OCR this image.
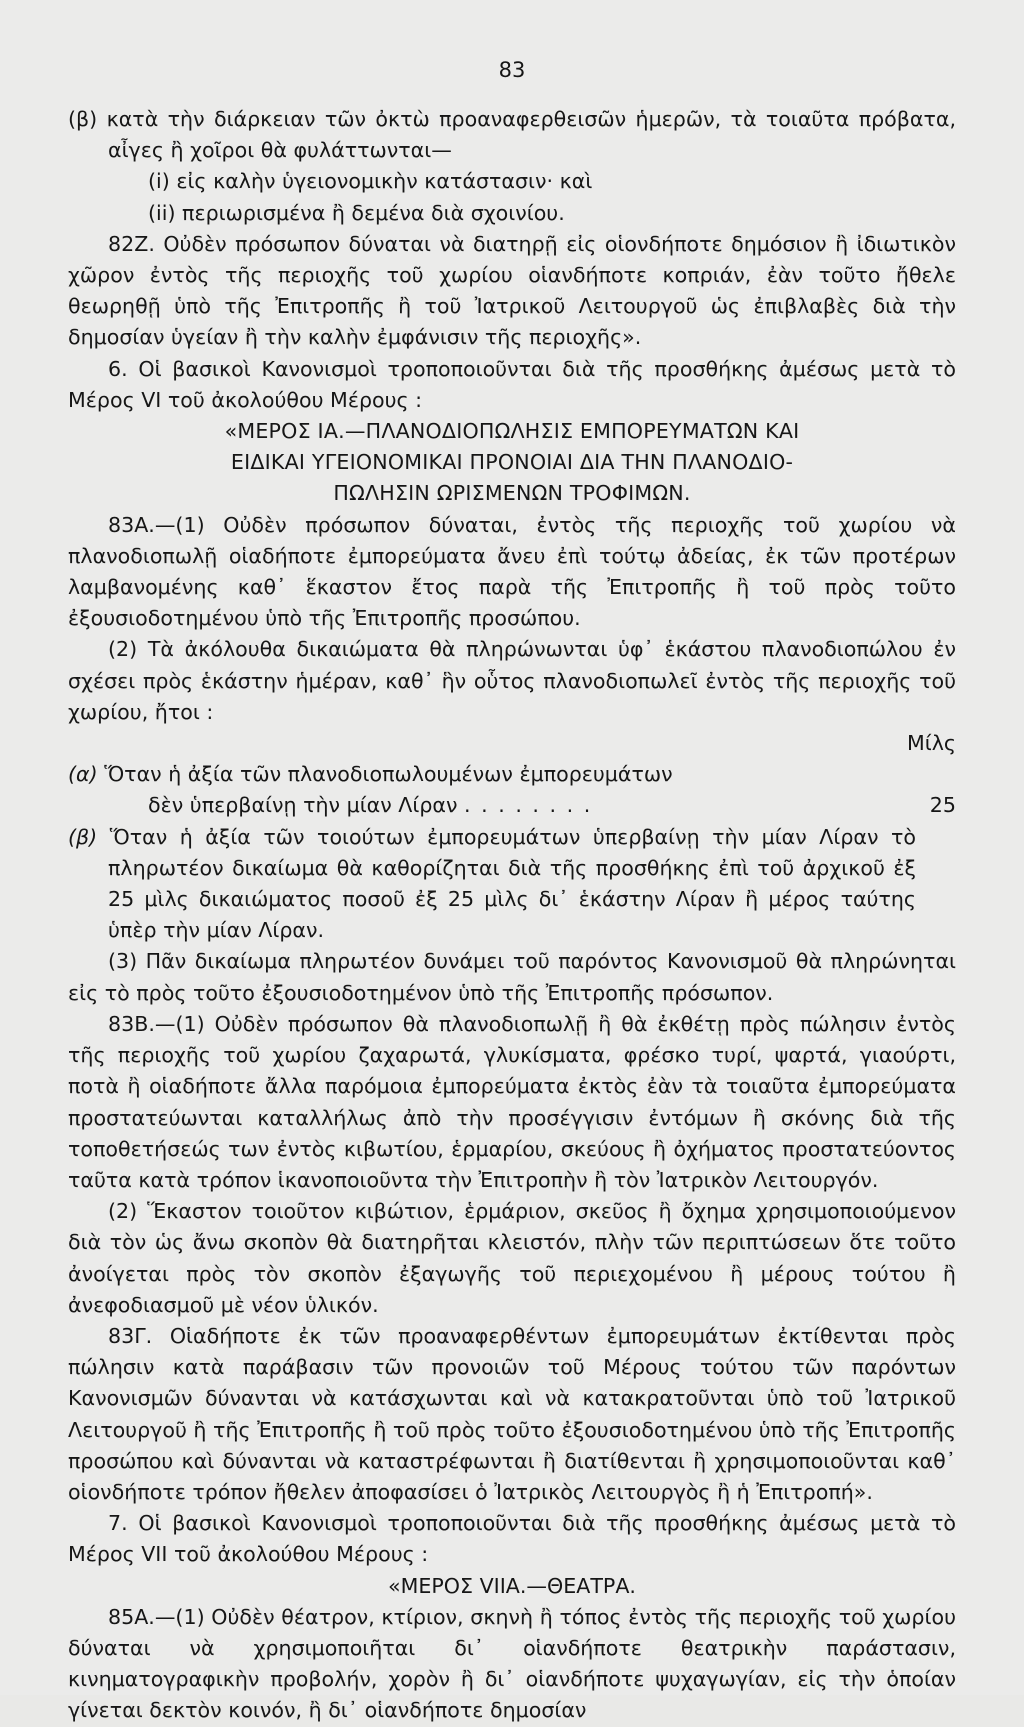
83

(β) κατὰ τὴν διάρκειαν τῶν ὀκτὼ προαναφερθεισῶν ἡμερῶν, τὰ τοιαῦτα πρόβατα, αἶγες ἢ χοῖροι θὰ φυλάττωνται—

(i) εἰς καλὴν ὑγειονομικὴν κατάστασιν· καὶ

(ii) περιωρισμένα ἢ δεμένα διὰ σχοινίου.

82Ζ. Οὐδὲν πρόσωπον δύναται νὰ διατηρῇ εἰς οἱονδήποτε δημόσιον ἢ ἰδιωτικὸν χῶρον ἐντὸς τῆς περιοχῆς τοῦ χωρίου οἱανδήποτε κοπριάν, ἐὰν τοῦτο ἤθελε θεωρηθῇ ὑπὸ τῆς Ἐπιτροπῆς ἢ τοῦ Ἰατρικοῦ Λειτουργοῦ ὡς ἐπιβλαβὲς διὰ τὴν δημοσίαν ὑγείαν ἢ τὴν καλὴν ἐμφάνισιν τῆς περιοχῆς».

6. Οἱ βασικοὶ Κανονισμοὶ τροποποιοῦνται διὰ τῆς προσθήκης ἀμέσως μετὰ τὸ Μέρος VI τοῦ ἀκολούθου Μέρους :

«ΜΕΡΟΣ ΙΑ.—ΠΛΑΝΟΔΙΟΠΩΛΗΣΙΣ ΕΜΠΟΡΕΥΜΑΤΩΝ ΚΑΙ

ΕΙΔΙΚΑΙ ΥΓΕΙΟΝΟΜΙΚΑΙ ΠΡΟΝΟΙΑΙ ΔΙΑ ΤΗΝ ΠΛΑΝΟΔΙΟ-

ΠΩΛΗΣΙΝ ΩΡΙΣΜΕΝΩΝ ΤΡΟΦΙΜΩΝ.

83Α.—(1) Οὐδὲν πρόσωπον δύναται, ἐντὸς τῆς περιοχῆς τοῦ χωρίου νὰ πλανοδιοπωλῇ οἱαδήποτε ἐμπορεύματα ἄνευ ἐπὶ τούτῳ ἀδείας, ἐκ τῶν προτέρων λαμβανομένης καθ᾽ ἕκαστον ἔτος παρὰ τῆς Ἐπιτροπῆς ἢ τοῦ πρὸς τοῦτο ἐξουσιοδοτημένου ὑπὸ τῆς Ἐπιτροπῆς προσώπου.

(2) Τὰ ἀκόλουθα δικαιώματα θὰ πληρώνωνται ὑφ᾽ ἑκάστου πλανοδιοπώλου ἐν σχέσει πρὸς ἑκάστην ἡμέραν, καθ᾽ ἣν οὗτος πλανοδιοπωλεῖ ἐντὸς τῆς περιοχῆς τοῦ χωρίου, ἤτοι :

Μίλς
(α) Ὅταν ἡ ἀξία τῶν πλανοδιοπωλουμένων ἐμπορευμάτων
δὲν ὑπερβαίνῃ τὴν μίαν Λίραν . . . . . . . .	25
(β) Ὅταν ἡ ἀξία τῶν τοιούτων ἐμπορευμάτων ὑπερβαίνῃ τὴν μίαν Λίραν τὸ πληρωτέον δικαίωμα θὰ καθορίζηται διὰ τῆς προσθήκης ἐπὶ τοῦ ἀρχικοῦ ἐξ 25 μὶλς δικαιώματος ποσοῦ ἐξ 25 μὶλς δι᾽ ἑκάστην Λίραν ἢ μέρος ταύτης ὑπὲρ τὴν μίαν Λίραν.

(3) Πᾶν δικαίωμα πληρωτέον δυνάμει τοῦ παρόντος Κανονισμοῦ θὰ πληρώνηται εἰς τὸ πρὸς τοῦτο ἐξουσιοδοτημένον ὑπὸ τῆς Ἐπιτροπῆς πρόσωπον.

83Β.—(1) Οὐδὲν πρόσωπον θὰ πλανοδιοπωλῇ ἢ θὰ ἐκθέτῃ πρὸς πώλησιν ἐντὸς τῆς περιοχῆς τοῦ χωρίου ζαχαρωτά, γλυκίσματα, φρέσκο τυρί, ψαρτά, γιαούρτι, ποτὰ ἢ οἱαδήποτε ἄλλα παρόμοια ἐμπορεύματα ἐκτὸς ἐὰν τὰ τοιαῦτα ἐμπορεύματα προστατεύωνται καταλλήλως ἀπὸ τὴν προσέγγισιν ἐντόμων ἢ σκόνης διὰ τῆς τοποθετήσεώς των ἐντὸς κιβωτίου, ἑρμαρίου, σκεύους ἢ ὀχήματος προστατεύοντος ταῦτα κατὰ τρόπον ἱκανοποιοῦντα τὴν Ἐπιτροπὴν ἢ τὸν Ἰατρικὸν Λειτουργόν.

(2) Ἕκαστον τοιοῦτον κιβώτιον, ἑρμάριον, σκεῦος ἢ ὄχημα χρησιμοποιούμενον διὰ τὸν ὡς ἄνω σκοπὸν θὰ διατηρῆται κλειστόν, πλὴν τῶν περιπτώσεων ὅτε τοῦτο ἀνοίγεται πρὸς τὸν σκοπὸν ἐξαγωγῆς τοῦ περιεχομένου ἢ μέρους τούτου ἢ ἀνεφοδιασμοῦ μὲ νέον ὑλικόν.

83Γ. Οἱαδήποτε ἐκ τῶν προαναφερθέντων ἐμπορευμάτων ἐκτίθενται πρὸς πώλησιν κατὰ παράβασιν τῶν προνοιῶν τοῦ Μέρους τούτου τῶν παρόντων Κανονισμῶν δύνανται νὰ κατάσχωνται καὶ νὰ κατακρατοῦνται ὑπὸ τοῦ Ἰατρικοῦ Λειτουργοῦ ἢ τῆς Ἐπιτροπῆς ἢ τοῦ πρὸς τοῦτο ἐξουσιοδοτημένου ὑπὸ τῆς Ἐπιτροπῆς προσώπου καὶ δύνανται νὰ καταστρέφωνται ἢ διατίθενται ἢ χρησιμοποιοῦνται καθ᾽ οἱονδήποτε τρόπον ἤθελεν ἀποφασίσει ὁ Ἰατρικὸς Λειτουργὸς ἢ ἡ Ἐπιτροπή».

7. Οἱ βασικοὶ Κανονισμοὶ τροποποιοῦνται διὰ τῆς προσθήκης ἀμέσως μετὰ τὸ Μέρος VII τοῦ ἀκολούθου Μέρους :

«ΜΕΡΟΣ VIIΑ.—ΘΕΑΤΡΑ.

85Α.—(1) Οὐδὲν θέατρον, κτίριον, σκηνὴ ἢ τόπος ἐντὸς τῆς περιοχῆς τοῦ χωρίου δύναται νὰ χρησιμοποιῆται δι᾽ οἱανδήποτε θεατρικὴν παράστασιν, κινηματογραφικὴν προβολήν, χορὸν ἢ δι᾽ οἱανδήποτε ψυχαγωγίαν, εἰς τὴν ὁποίαν γίνεται δεκτὸν κοινόν, ἢ δι᾽ οἱανδήποτε δημοσίαν
